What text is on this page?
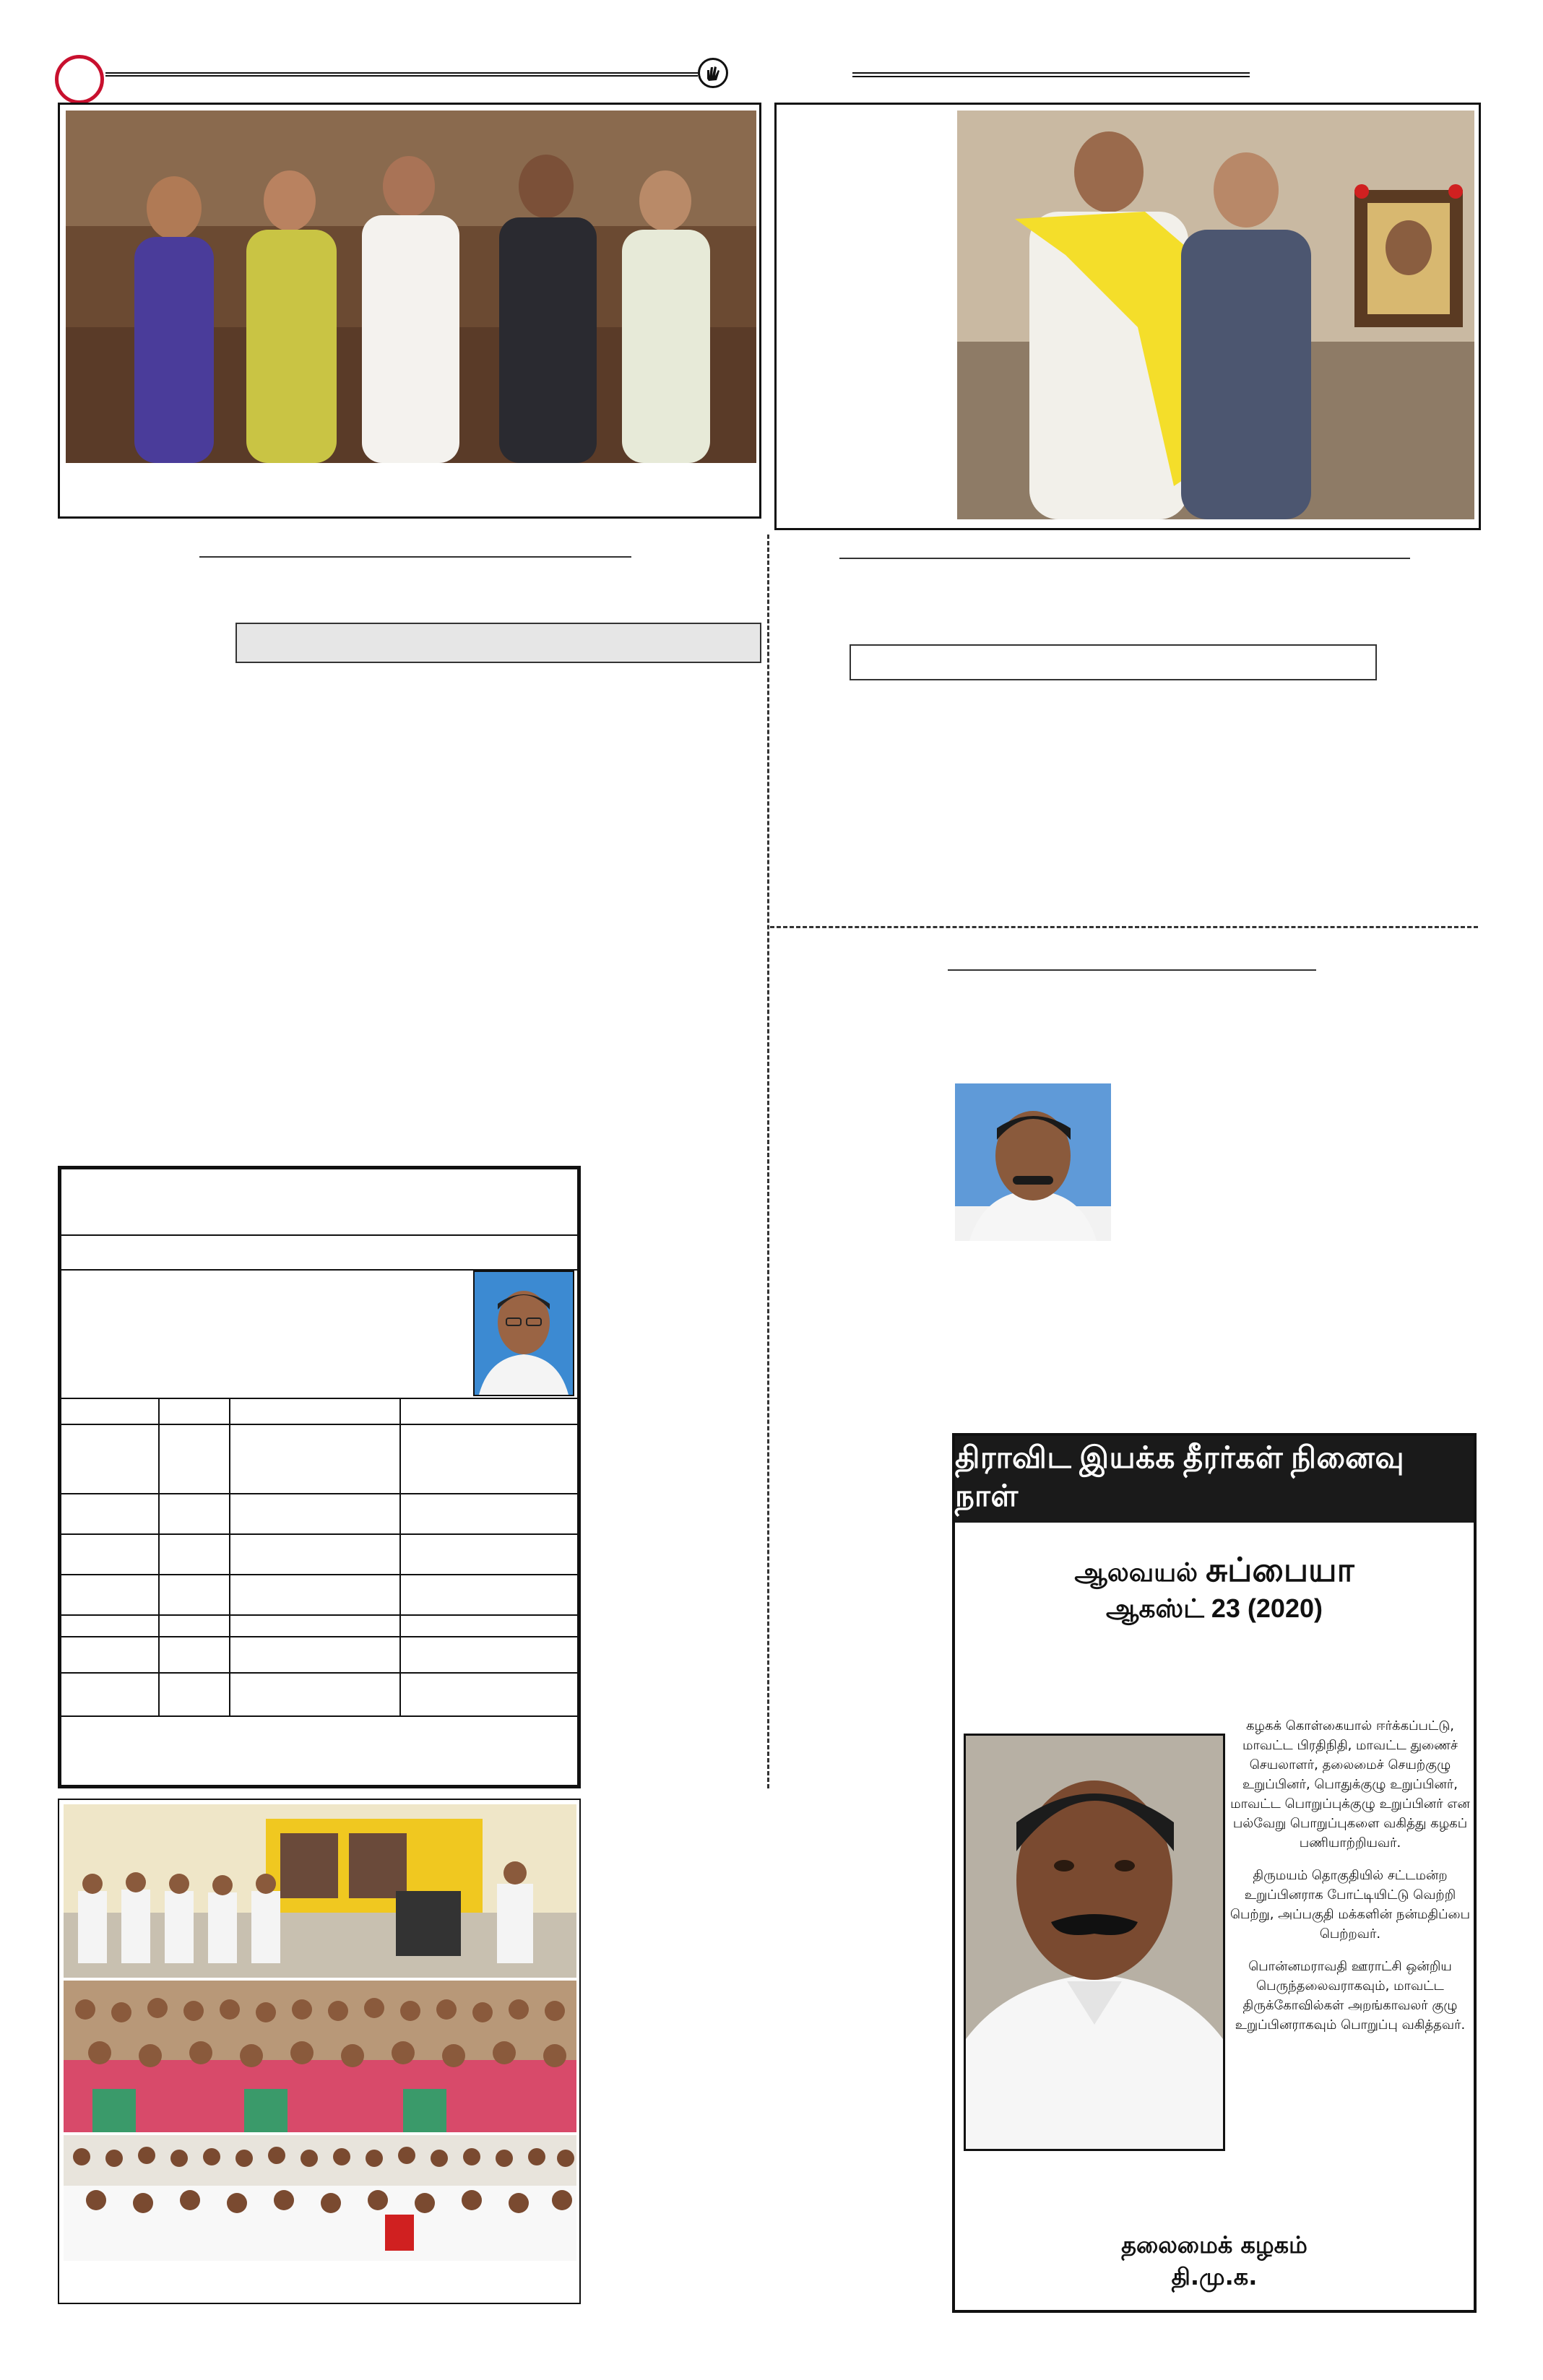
திராவிட இயக்க தீரர்கள் நினைவு நாள்
ஆலவயல் சுப்பையா
ஆகஸ்ட் 23 (2020)

கழகக் கொள்கையால் ஈர்க்கப்பட்டு, மாவட்ட பிரதிநிதி, மாவட்ட துணைச் செயலாளர், தலைமைச் செயற்குழு உறுப்பினர், பொதுக்குழு உறுப்பினர், மாவட்ட பொறுப்புக்குழு உறுப்பினர் என பல்வேறு பொறுப்புகளை வகித்து கழகப் பணியாற்றியவர்.

திருமயம் தொகுதியில் சட்டமன்ற உறுப்பினராக போட்டியிட்டு வெற்றி பெற்று, அப்பகுதி மக்களின் நன்மதிப்பை பெற்றவர்.

பொன்னமராவதி ஊராட்சி ஒன்றிய பெருந்தலைவராகவும், மாவட்ட திருக்கோவில்கள் அறங்காவலர் குழு உறுப்பினராகவும் பொறுப்பு வகித்தவர்.

தலைமைக் கழகம்
தி.மு.க.
